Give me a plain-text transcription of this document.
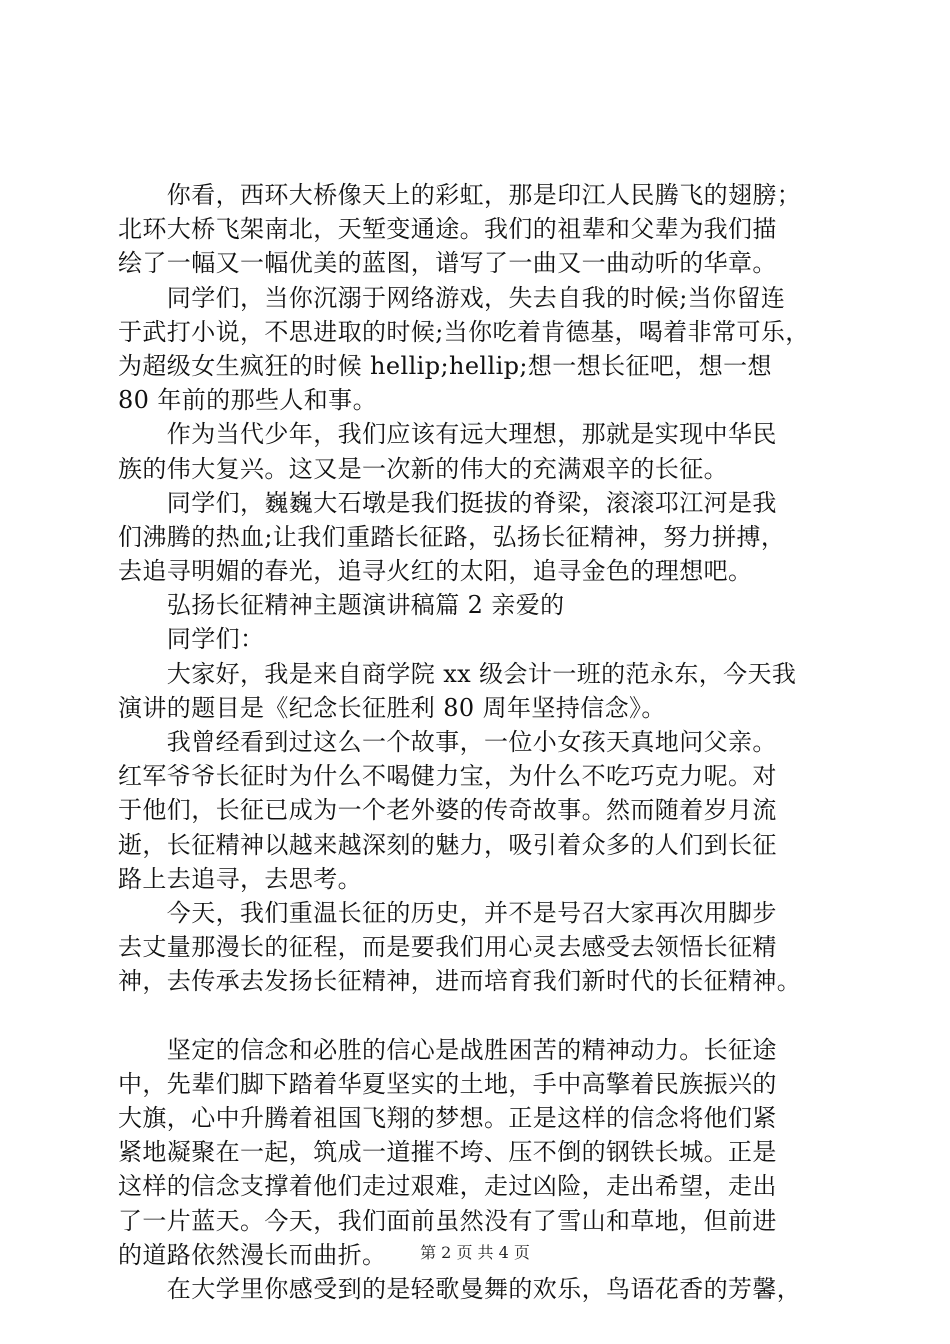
　　你看，西环大桥像天上的彩虹，那是印江人民腾飞的翅膀；
北环大桥飞架南北，天堑变通途。我们的祖辈和父辈为我们描
绘了一幅又一幅优美的蓝图，谱写了一曲又一曲动听的华章。
　　同学们，当你沉溺于网络游戏，失去自我的时候;当你留连
于武打小说，不思进取的时候;当你吃着肯德基，喝着非常可乐，
为超级女生疯狂的时候 hellip;hellip;想一想长征吧，想一想
80 年前的那些人和事。
　　作为当代少年，我们应该有远大理想，那就是实现中华民
族的伟大复兴。这又是一次新的伟大的充满艰辛的长征。
　　同学们，巍巍大石墩是我们挺拔的脊梁，滚滚邛江河是我
们沸腾的热血;让我们重踏长征路，弘扬长征精神，努力拼搏，
去追寻明媚的春光，追寻火红的太阳，追寻金色的理想吧。
　　弘扬长征精神主题演讲稿篇 2 亲爱的
　　同学们：
　　大家好，我是来自商学院 xx 级会计一班的范永东，今天我
演讲的题目是《纪念长征胜利 80 周年坚持信念》。
　　我曾经看到过这么一个故事，一位小女孩天真地问父亲。
红军爷爷长征时为什么不喝健力宝，为什么不吃巧克力呢。对
于他们，长征已成为一个老外婆的传奇故事。然而随着岁月流
逝，长征精神以越来越深刻的魅力，吸引着众多的人们到长征
路上去追寻，去思考。
　　今天，我们重温长征的历史，并不是号召大家再次用脚步
去丈量那漫长的征程，而是要我们用心灵去感受去领悟长征精
神，去传承去发扬长征精神，进而培育我们新时代的长征精神。
　　坚定的信念和必胜的信心是战胜困苦的精神动力。长征途
中，先辈们脚下踏着华夏坚实的土地，手中高擎着民族振兴的
大旗，心中升腾着祖国飞翔的梦想。正是这样的信念将他们紧
紧地凝聚在一起，筑成一道摧不垮、压不倒的钢铁长城。正是
这样的信念支撑着他们走过艰难，走过凶险，走出希望，走出
了一片蓝天。今天，我们面前虽然没有了雪山和草地，但前进
的道路依然漫长而曲折。
　　在大学里你感受到的是轻歌曼舞的欢乐，鸟语花香的芳馨，
第 2 页 共 4 页
